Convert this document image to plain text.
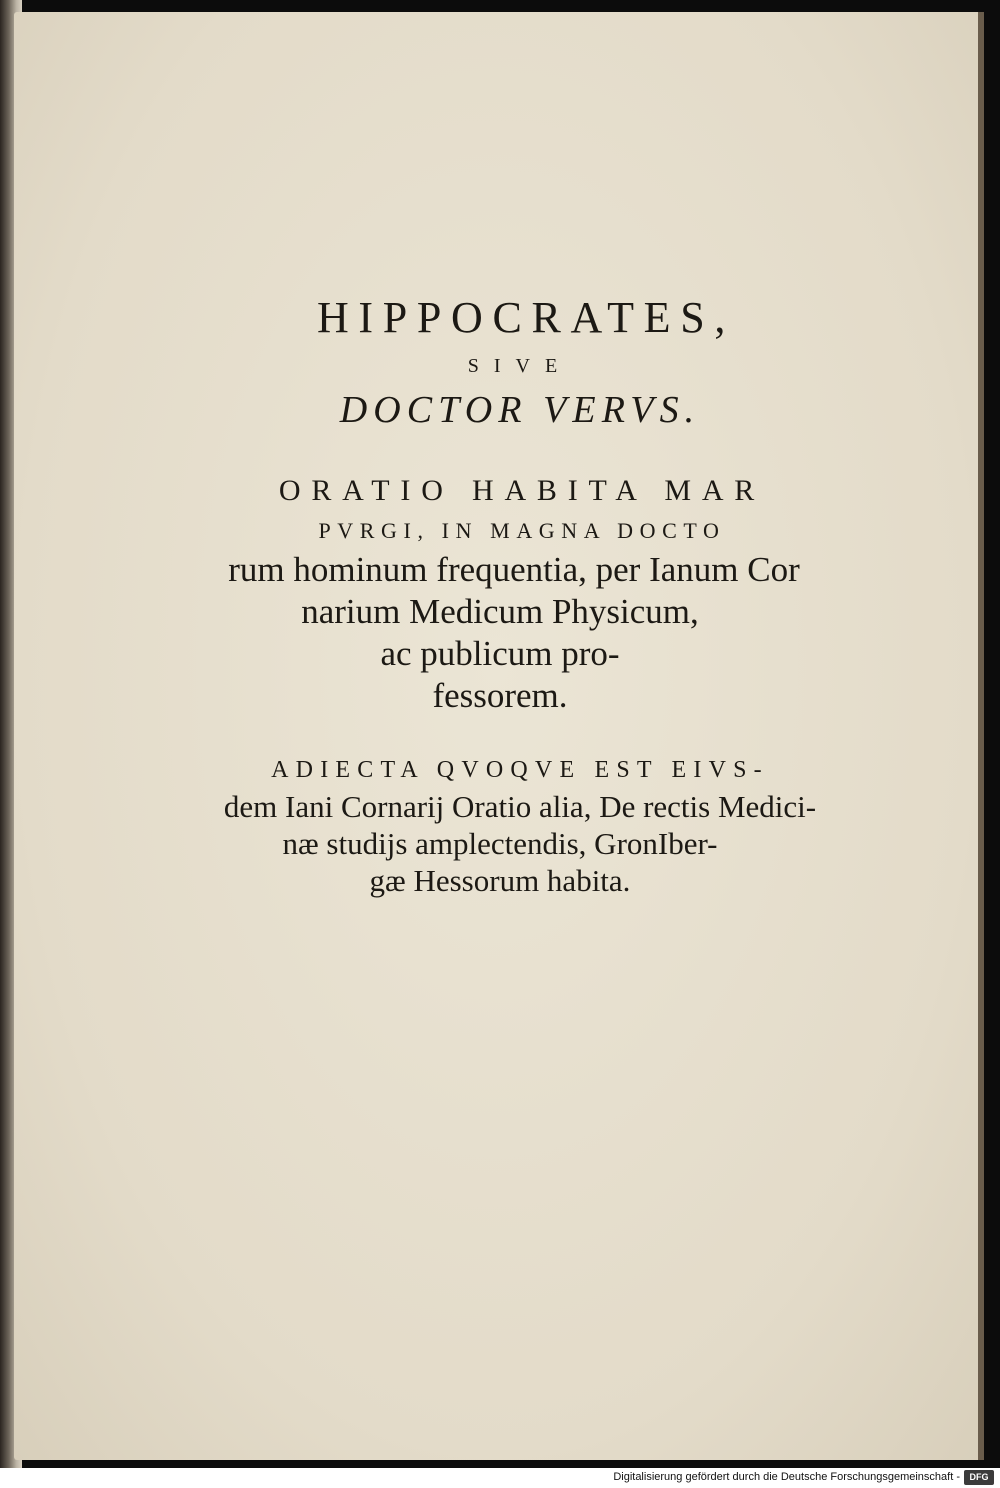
HIPPOCRATES,
SIVE
DOCTOR VERVS.
ORATIO HABITA MAR
PVRGI, IN MAGNA DOCTO
rum hominum frequentia, per Ianum Cor
narium Medicum Physicum,
ac publicum pro-
fessorem.
ADIECTA QVOQVE EST EIVS-
dem Iani Cornarij Oratio alia, De rectis Medici-
næ studijs amplectendis, GronIber-
gæ Hessorum habita.
Digitalisierung gefördert durch die Deutsche Forschungsgemeinschaft -	DFG
